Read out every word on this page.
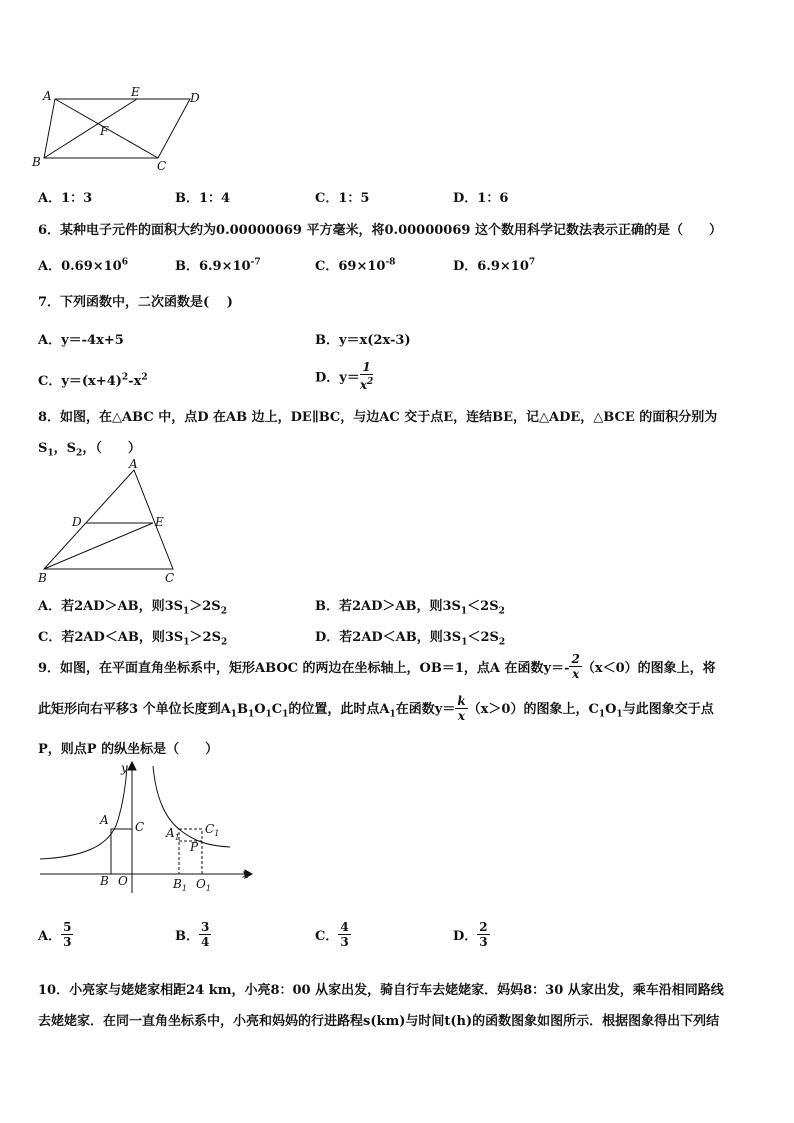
A	E	D
F
B	C
A．1：3	B．1：4	C．1：5	D．1：6
6．某种电子元件的面积大约为0.00000069 平方毫米，将0.00000069 这个数用科学记数法表示正确的是（　　）
A．$0.69\times 10^6$	B．$6.9\times 10^{-7}$	C．$69\times 10^{-8}$	D．$6.9\times 10^7$
7．下列函数中，二次函数是(　 )
A．y＝-4x+5	B．y＝x(2x-3)
C．$y=(x+4)^2-x^2$	D．$y= \frac{1}{x^2}$
8．如图，在△ABC 中，点D 在AB 边上，DE∥BC，与边AC 交于点E，连结BE，记△ADE，△BCE 的面积分别为
$S_1$，$S_2$，（　　）
A
D	E
B	C
A．若2AD＞AB，则$3S_1>2S_2$	B．若2AD＞AB，则$3S_1<2S_2$
C．若2AD＜AB，则$3S_1>2S_2$	D．若2AD＜AB，则$3S_1<2S_2$
9．如图，在平面直角坐标系中，矩形ABOC 的两边在坐标轴上，OB＝1，点A 在函数$y=- \frac{2}{x} (x<0)$的图象上，将
此矩形向右平移3 个单位长度到$A_1B_1O_1C_1$的位置，此时点$A_1$在函数$y= \frac{k}{x} (x>0)$的图象上，$C_1O_1$与此图象交于点
P，则点P 的纵坐标是（　　）
y
x
A C
B O
$A_1$
$C_1$
P
$B_1$ $O_1$
A． $\frac{5}{3}$	B． $\frac{3}{4}$	C． $\frac{4}{3}$	D． $\frac{2}{3}$
10．小亮家与姥姥家相距24 km，小亮8：00 从家出发，骑自行车去姥姥家．妈妈8：30 从家出发，乘车沿相同路线
去姥姥家．在同一直角坐标系中，小亮和妈妈的行进路程s(km)与时间t(h)的函数图象如图所示．根据图象得出下列结
